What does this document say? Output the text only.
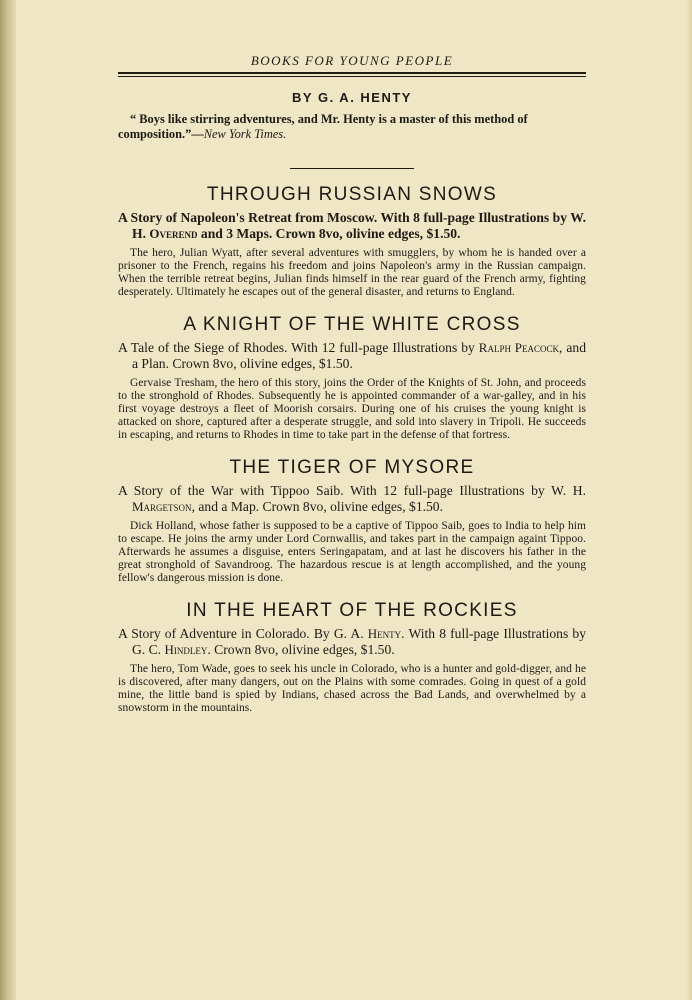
BOOKS FOR YOUNG PEOPLE
BY G. A. HENTY
“ Boys like stirring adventures, and Mr. Henty is a master of this method of composition.”—New York Times.
THROUGH RUSSIAN SNOWS
A Story of Napoleon's Retreat from Moscow. With 8 full-page Illustrations by W. H. Overend and 3 Maps. Crown 8vo, olivine edges, $1.50.
The hero, Julian Wyatt, after several adventures with smugglers, by whom he is handed over a prisoner to the French, regains his freedom and joins Napoleon's army in the Russian campaign. When the terrible retreat begins, Julian finds himself in the rear guard of the French army, fighting desperately. Ultimately he escapes out of the general disaster, and returns to England.
A KNIGHT OF THE WHITE CROSS
A Tale of the Siege of Rhodes. With 12 full-page Illustrations by Ralph Peacock, and a Plan. Crown 8vo, olivine edges, $1.50.
Gervaise Tresham, the hero of this story, joins the Order of the Knights of St. John, and proceeds to the stronghold of Rhodes. Subsequently he is appointed commander of a war-galley, and in his first voyage destroys a fleet of Moorish corsairs. During one of his cruises the young knight is attacked on shore, captured after a desperate struggle, and sold into slavery in Tripoli. He succeeds in escaping, and returns to Rhodes in time to take part in the defense of that fortress.
THE TIGER OF MYSORE
A Story of the War with Tippoo Saib. With 12 full-page Illustrations by W. H. Margetson, and a Map. Crown 8vo, olivine edges, $1.50.
Dick Holland, whose father is supposed to be a captive of Tippoo Saib, goes to India to help him to escape. He joins the army under Lord Cornwallis, and takes part in the campaign againt Tippoo. Afterwards he assumes a disguise, enters Seringapatam, and at last he discovers his father in the great stronghold of Savandroog. The hazardous rescue is at length accomplished, and the young fellow's dangerous mission is done.
IN THE HEART OF THE ROCKIES
A Story of Adventure in Colorado. By G. A. Henty. With 8 full-page Illustrations by G. C. Hindley. Crown 8vo, olivine edges, $1.50.
The hero, Tom Wade, goes to seek his uncle in Colorado, who is a hunter and gold-digger, and he is discovered, after many dangers, out on the Plains with some comrades. Going in quest of a gold mine, the little band is spied by Indians, chased across the Bad Lands, and overwhelmed by a snowstorm in the mountains.
